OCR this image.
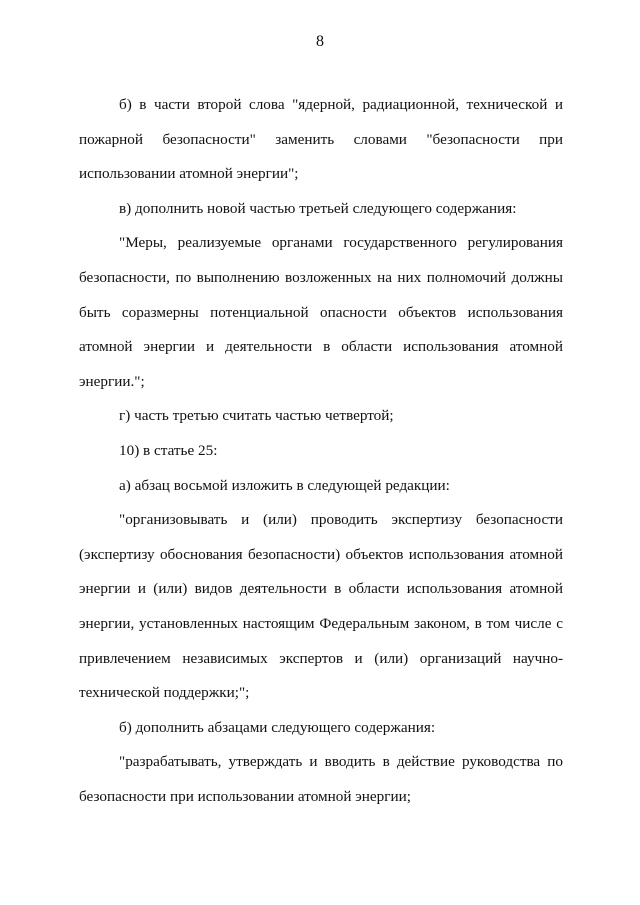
8

б) в части второй слова "ядерной, радиационной, технической и пожарной безопасности" заменить словами "безопасности при использовании атомной энергии";

в) дополнить новой частью третьей следующего содержания:

"Меры, реализуемые органами государственного регулирования безопасности, по выполнению возложенных на них полномочий должны быть соразмерны потенциальной опасности объектов использования атомной энергии и деятельности в области использования атомной энергии.";

г) часть третью считать частью четвертой;

10) в статье 25:

а) абзац восьмой изложить в следующей редакции:

"организовывать и (или) проводить экспертизу безопасности (экспертизу обоснования безопасности) объектов использования атомной энергии и (или) видов деятельности в области использования атомной энергии, установленных настоящим Федеральным законом, в том числе с привлечением независимых экспертов и (или) организаций научно-технической поддержки;";

б) дополнить абзацами следующего содержания:

"разрабатывать, утверждать и вводить в действие руководства по безопасности при использовании атомной энергии;
